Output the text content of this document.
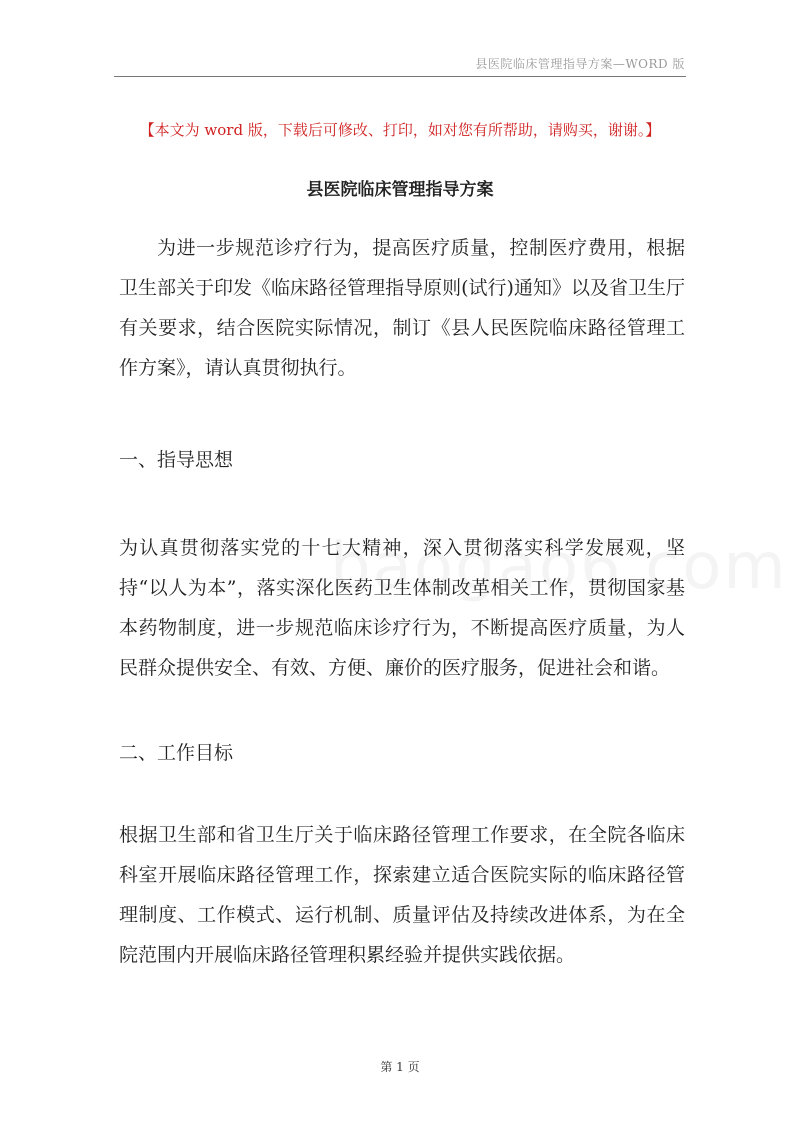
县医院临床管理指导方案—WORD 版
【本文为 word 版，下载后可修改、打印，如对您有所帮助，请购买，谢谢。】
县医院临床管理指导方案

为进一步规范诊疗行为，提高医疗质量，控制医疗费用，根据卫生部关于印发《临床路径管理指导原则(试行)通知》以及省卫生厅有关要求，结合医院实际情况，制订《县人民医院临床路径管理工作方案》，请认真贯彻执行。

一、指导思想

为认真贯彻落实党的十七大精神，深入贯彻落实科学发展观，坚持“以人为本”，落实深化医药卫生体制改革相关工作，贯彻国家基本药物制度，进一步规范临床诊疗行为，不断提高医疗质量，为人民群众提供安全、有效、方便、廉价的医疗服务，促进社会和谐。

二、工作目标

根据卫生部和省卫生厅关于临床路径管理工作要求，在全院各临床科室开展临床路径管理工作，探索建立适合医院实际的临床路径管理制度、工作模式、运行机制、质量评估及持续改进体系，为在全院范围内开展临床路径管理积累经验并提供实践依据。

第 1 页
